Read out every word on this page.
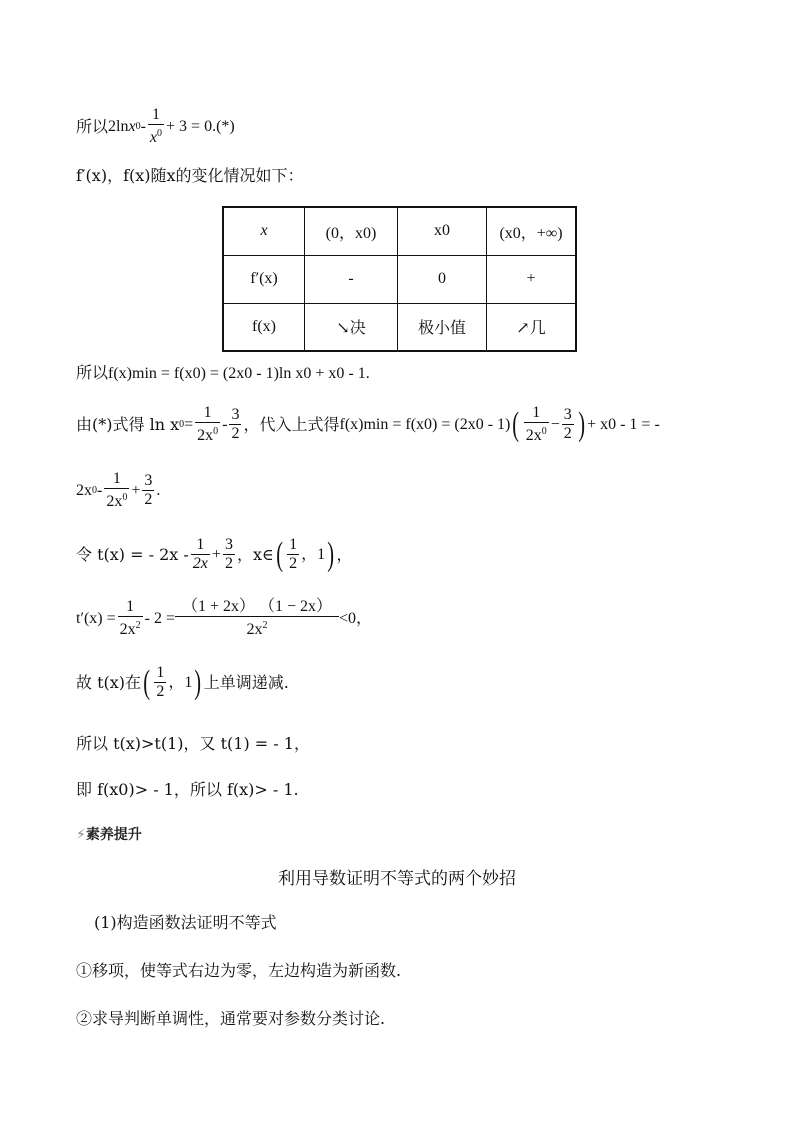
所以 2ln x $0 - \frac{1}{x^0} + 3 = 0.(*)$
f′(x)，f(x)随x的变化情况如下：
x	(0，x0)	x0	(x0，+∞)
f′(x)	-	0	+
f(x)	↘决	极小值	↗几
所以f(x)min = f(x0) = (2x0 - 1)ln x0 + x0 - 1.
由(*)式得 ln x $0 = \frac{1}{2x^0} - \frac{3}{2}$ ，代入上式得 f(x)min = f(x0) = (2x0 - 1) ( $\frac{1}{2x^0} - \frac{3}{2}$ ) + x0 - 1 = -
2x $0 - \frac{1}{2x^0} + \frac{3}{2}$ .
令 t(x) = - $2x - \frac{1}{2x} + \frac{3}{2}$ ，x∈ ( $\frac{1}{2}$ ，1 ) ，
$t'(x) = \frac{1}{2x^2} - 2 = \frac{(1 + 2x) (1 - 2x)}{2x^2} <0$，
故 t(x)在 ( $\frac{1}{2}$ ，1 ) 上单调递减.
所以 t(x)>t(1)，又 t(1) = - 1，
即 f(x0)> - 1，所以 f(x)> - 1.
⚡素养提升
利用导数证明不等式的两个妙招
(1)构造函数法证明不等式
①移项，使等式右边为零，左边构造为新函数.
②求导判断单调性，通常要对参数分类讨论.
